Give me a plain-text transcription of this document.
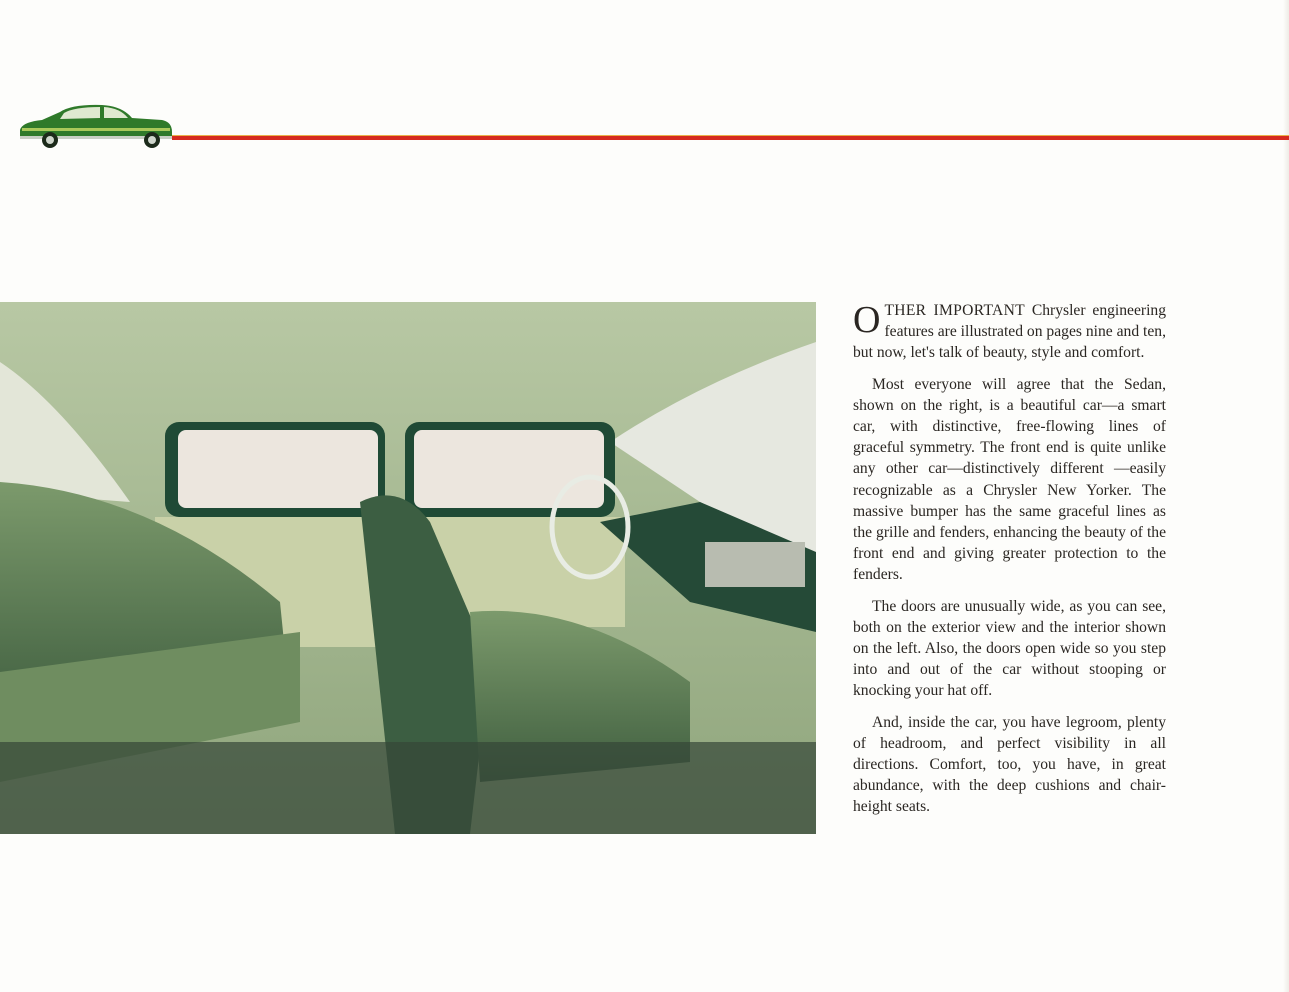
OTHER IMPORTANT Chrysler engineering features are illustrated on pages nine and ten, but now, let's talk of beauty, style and comfort.

Most everyone will agree that the Sedan, shown on the right, is a beautiful car—a smart car, with distinctive, free-flowing lines of graceful symmetry. The front end is quite unlike any other car—distinctively different —easily recognizable as a Chrysler New Yorker. The massive bumper has the same graceful lines as the grille and fenders, enhancing the beauty of the front end and giving greater protection to the fenders.

The doors are unusually wide, as you can see, both on the exterior view and the interior shown on the left. Also, the doors open wide so you step into and out of the car without stooping or knocking your hat off.

And, inside the car, you have legroom, plenty of headroom, and perfect visibility in all directions. Comfort, too, you have, in great abundance, with the deep cushions and chair-height seats.
